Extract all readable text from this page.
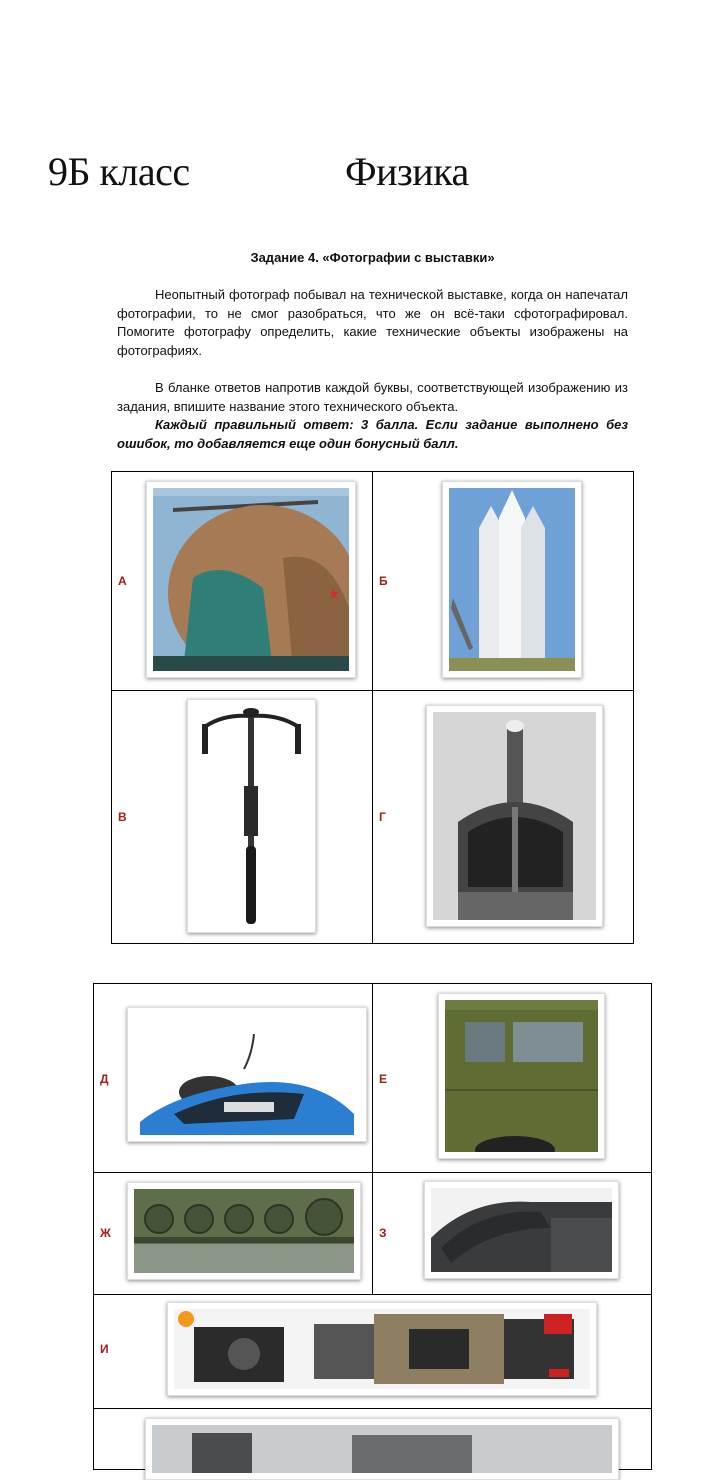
9Б класс	Физика
Задание 4. «Фотографии с выставки»
Неопытный фотограф побывал на технической выставке, когда он напечатал фотографии, то не смог разобраться, что же он всё-таки сфотографировал. Помогите фотографу определить, какие технические объекты изображены на фотографиях.
В бланке ответов напротив каждой буквы, соответствующей изображению из задания, впишите название этого технического объекта.
Каждый правильный ответ: 3 балла. Если задание выполнено без ошибок, то добавляется еще один бонусный балл.
А	Б

В	Г
Д	Е

Ж	З

И	
